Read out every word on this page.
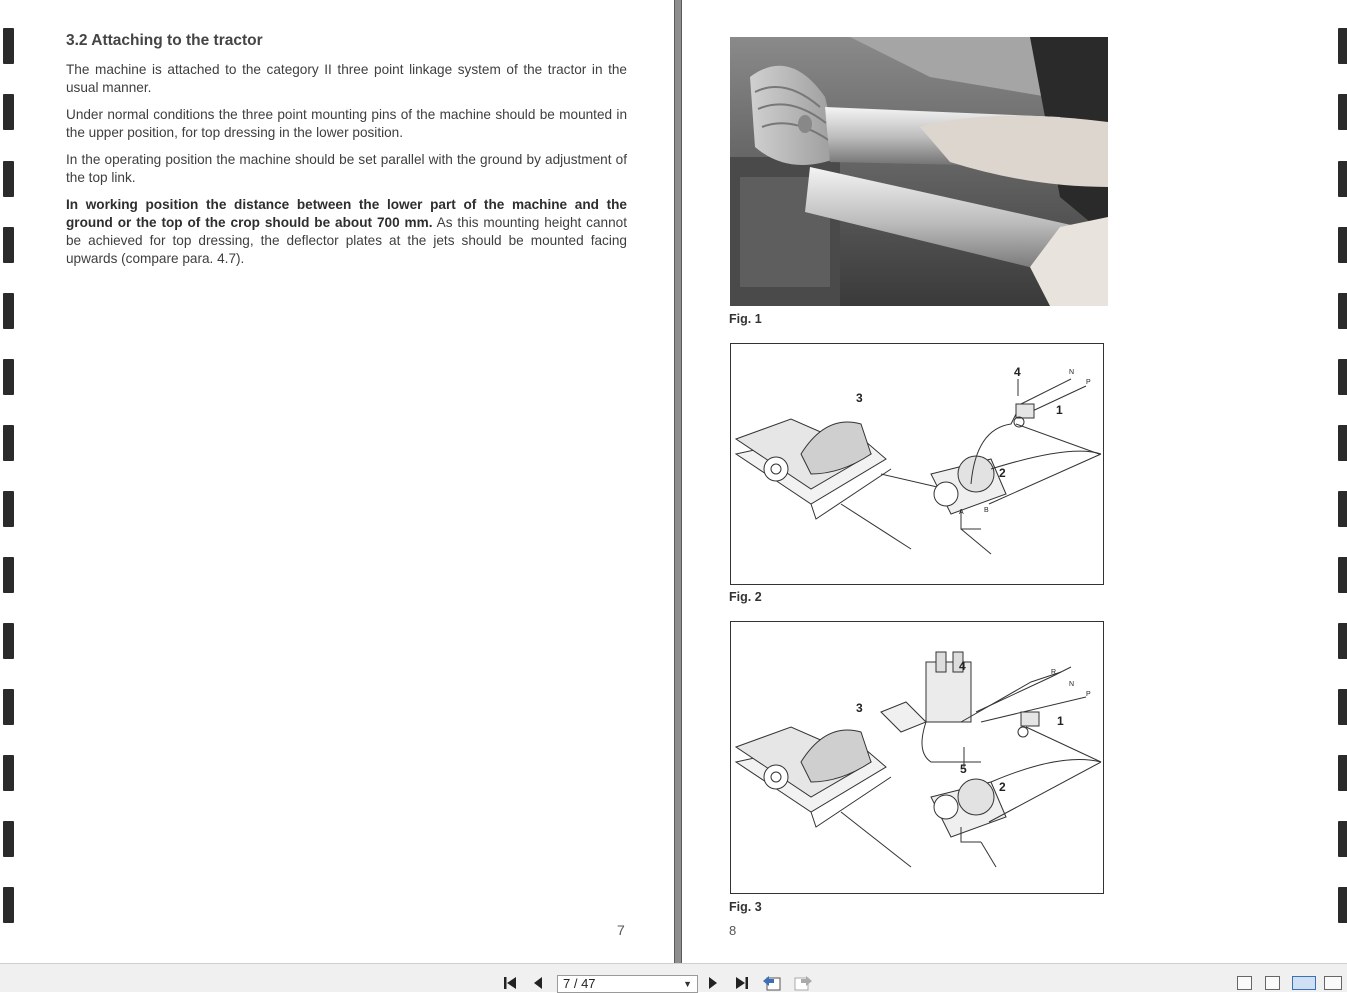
3.2 Attaching to the tractor

The machine is attached to the category II three point linkage system of the tractor in the usual manner.

Under normal conditions the three point mounting pins of the machine should be mounted in the upper position, for top dressing in the lower position.

In the operating position the machine should be set parallel with the ground by adjustment of the top link.

In working position the distance between the lower part of the machine and the ground or the top of the crop should be about 700 mm. As this mounting height cannot be achieved for top dressing, the deflector plates at the jets should be mounted facing upwards (compare para. 4.7).

7
Fig. 1
3
4
1
2
N
P
A	B
Fig. 2
3
4
1
2
5
R
N
P
Fig. 3
8
7 / 47	▼
